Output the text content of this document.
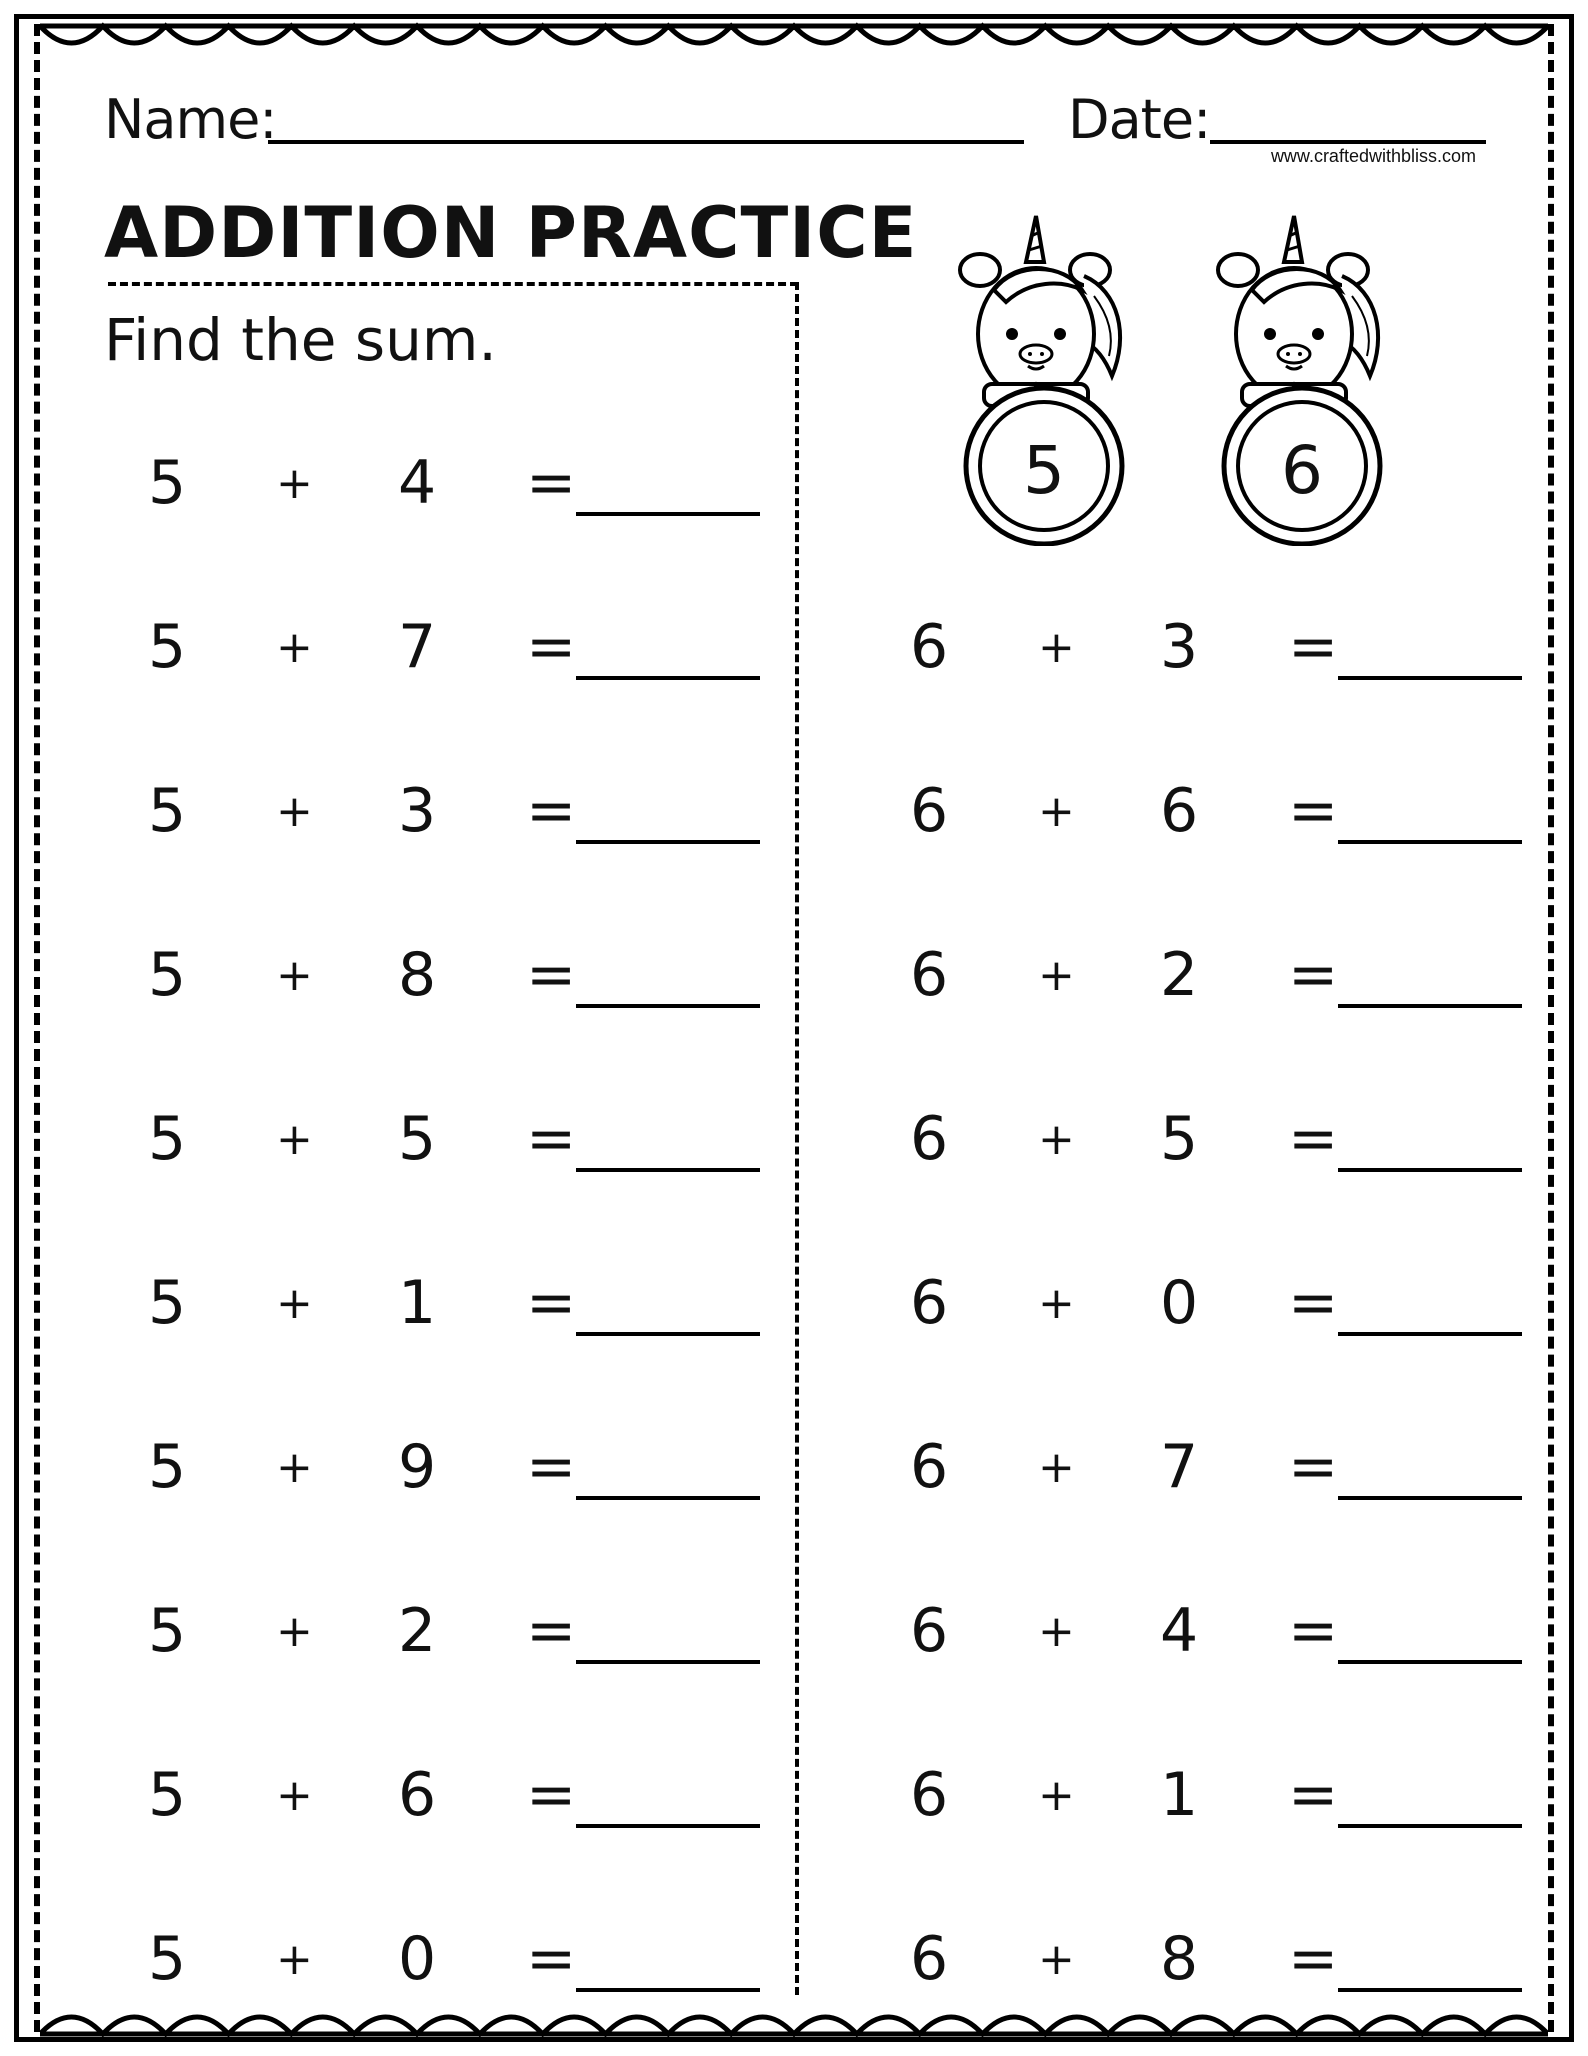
Name:	Date:
www.craftedwithbliss.com
ADDITION PRACTICE
Find the sum.
5	6
5 + 4 =
5 + 7 =
5 + 3 =
5 + 8 =
5 + 5 =
5 + 1 =
5 + 9 =
5 + 2 =
5 + 6 =
5 + 0 =
6 + 3 =
6 + 6 =
6 + 2 =
6 + 5 =
6 + 0 =
6 + 7 =
6 + 4 =
6 + 1 =
6 + 8 =
